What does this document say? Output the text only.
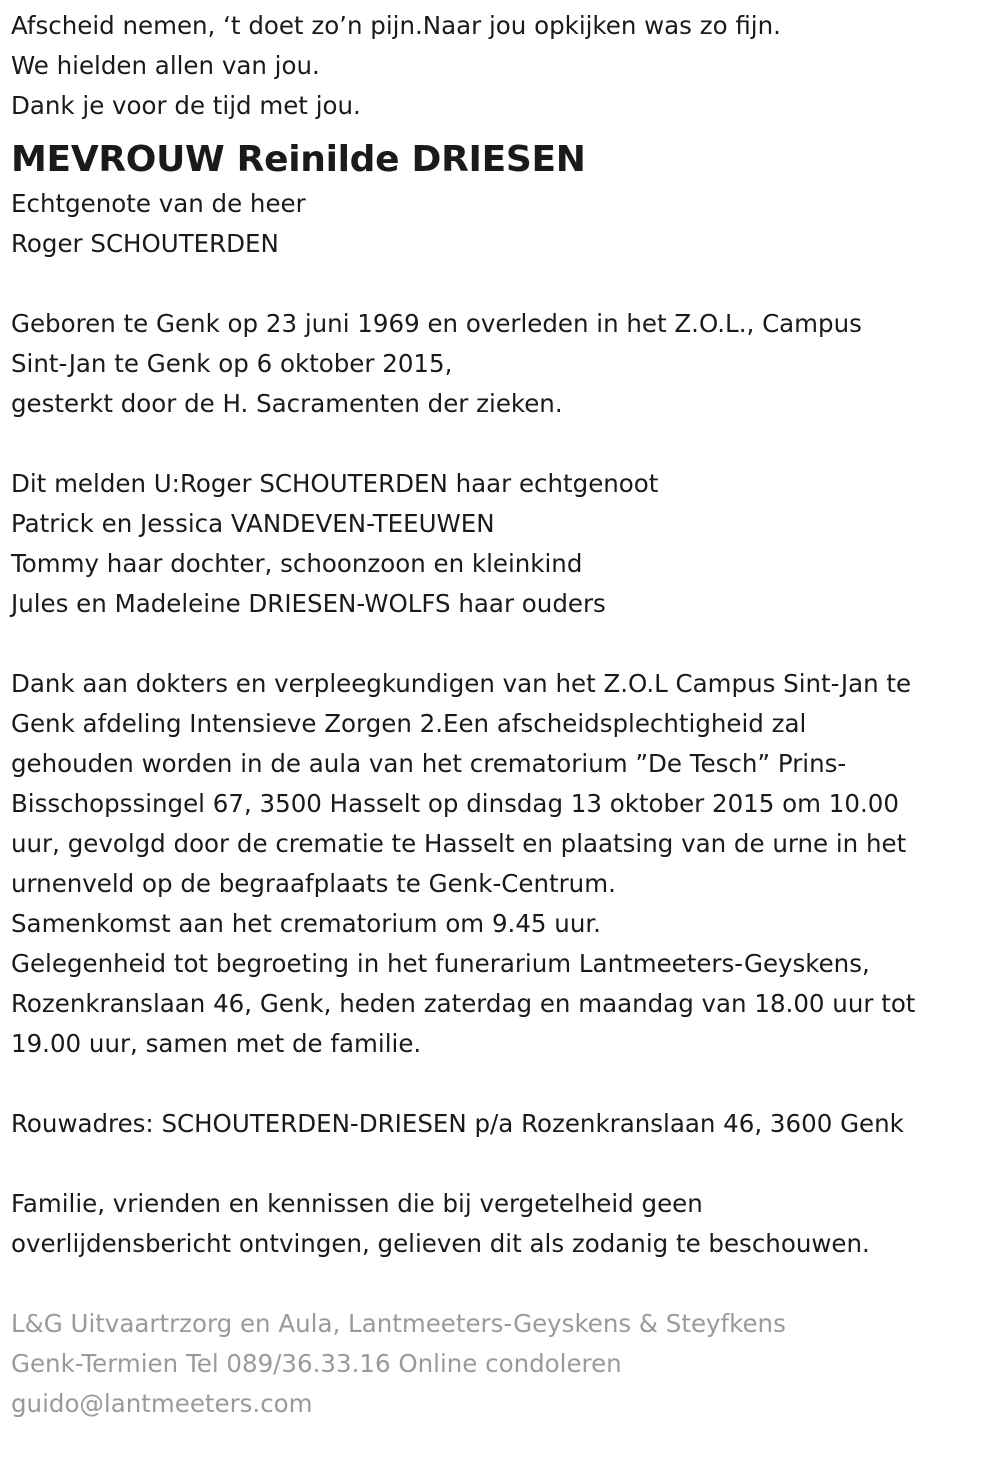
Afscheid nemen, ‘t doet zo’n pijn.Naar jou opkijken was zo fijn.
We hielden allen van jou.
Dank je voor de tijd met jou.
MEVROUW Reinilde DRIESEN
Echtgenote van de heer
Roger SCHOUTERDEN
Geboren te Genk op 23 juni 1969 en overleden in het Z.O.L., Campus
Sint-Jan te Genk op 6 oktober 2015,
gesterkt door de H. Sacramenten der zieken.
Dit melden U:Roger SCHOUTERDEN haar echtgenoot
Patrick en Jessica VANDEVEN-TEEUWEN
Tommy haar dochter, schoonzoon en kleinkind
Jules en Madeleine DRIESEN-WOLFS haar ouders
Dank aan dokters en verpleegkundigen van het Z.O.L Campus Sint-Jan te
Genk afdeling Intensieve Zorgen 2.Een afscheidsplechtigheid zal
gehouden worden in de aula van het crematorium ”De Tesch” Prins-
Bisschopssingel 67, 3500 Hasselt op dinsdag 13 oktober 2015 om 10.00
uur, gevolgd door de crematie te Hasselt en plaatsing van de urne in het
urnenveld op de begraafplaats te Genk-Centrum.
Samenkomst aan het crematorium om 9.45 uur.
Gelegenheid tot begroeting in het funerarium Lantmeeters-Geyskens,
Rozenkranslaan 46, Genk, heden zaterdag en maandag van 18.00 uur tot
19.00 uur, samen met de familie.
Rouwadres: SCHOUTERDEN-DRIESEN p/a Rozenkranslaan 46, 3600 Genk
Familie, vrienden en kennissen die bij vergetelheid geen
overlijdensbericht ontvingen, gelieven dit als zodanig te beschouwen.
L&G Uitvaartrzorg en Aula, Lantmeeters-Geyskens & Steyfkens
Genk-Termien Tel 089/36.33.16 Online condoleren
guido@lantmeeters.com
